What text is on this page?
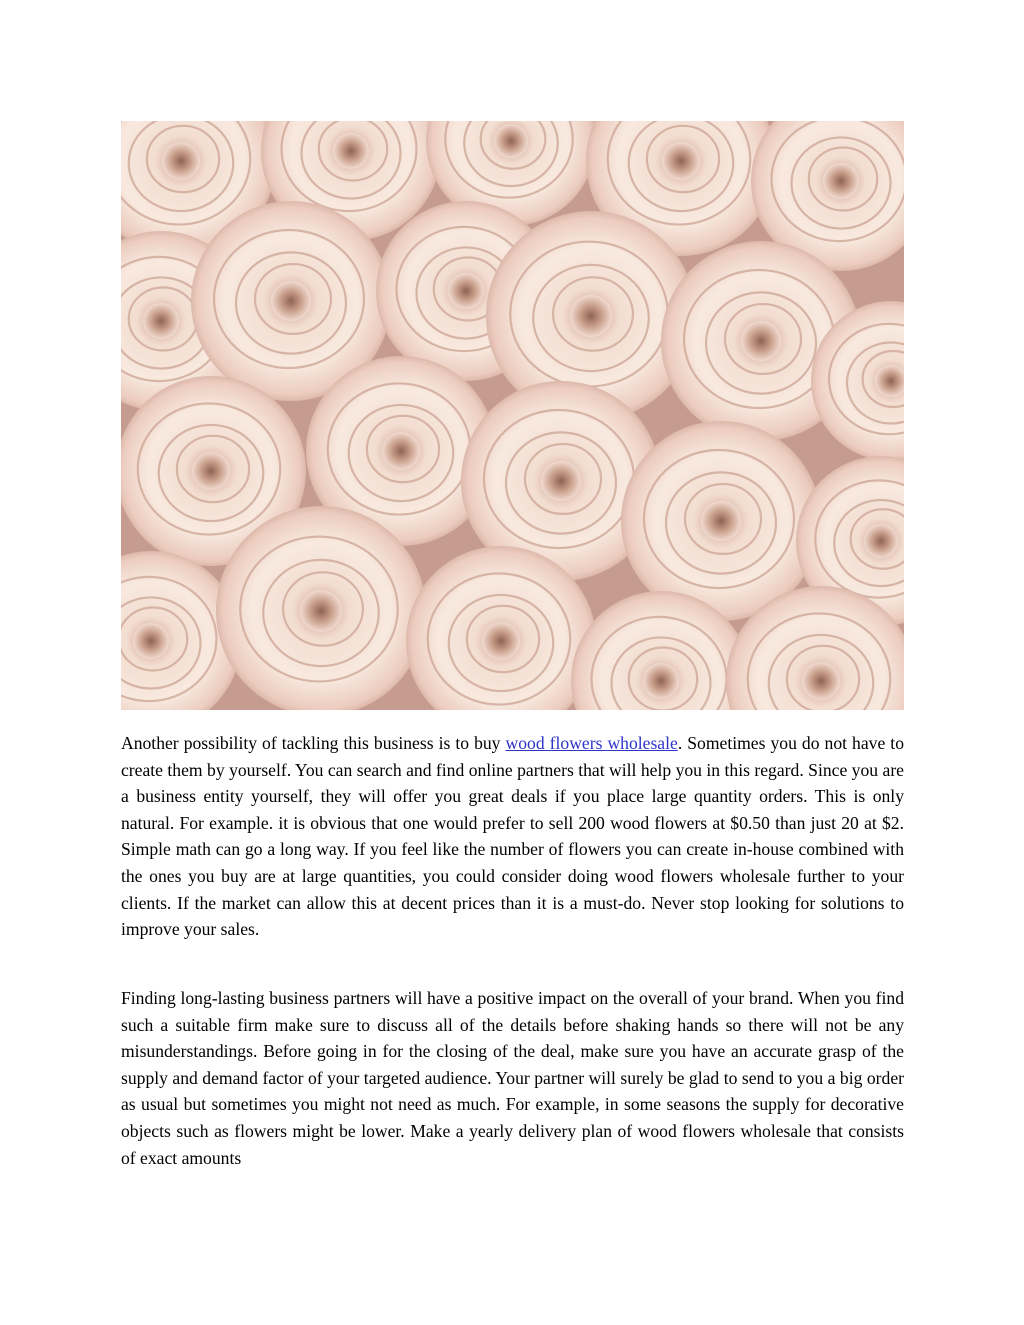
Another possibility of tackling this business is to buy wood flowers wholesale. Sometimes you do not have to create them by yourself. You can search and find online partners that will help you in this regard. Since you are a business entity yourself, they will offer you great deals if you place large quantity orders. This is only natural. For example. it is obvious that one would prefer to sell 200 wood flowers at $0.50 than just 20 at $2. Simple math can go a long way. If you feel like the number of flowers you can create in-house combined with the ones you buy are at large quantities, you could consider doing wood flowers wholesale further to your clients. If the market can allow this at decent prices than it is a must-do. Never stop looking for solutions to improve your sales.

Finding long-lasting business partners will have a positive impact on the overall of your brand. When you find such a suitable firm make sure to discuss all of the details before shaking hands so there will not be any misunderstandings. Before going in for the closing of the deal, make sure you have an accurate grasp of the supply and demand factor of your targeted audience. Your partner will surely be glad to send to you a big order as usual but sometimes you might not need as much. For example, in some seasons the supply for decorative objects such as flowers might be lower. Make a yearly delivery plan of wood flowers wholesale that consists of exact amounts
